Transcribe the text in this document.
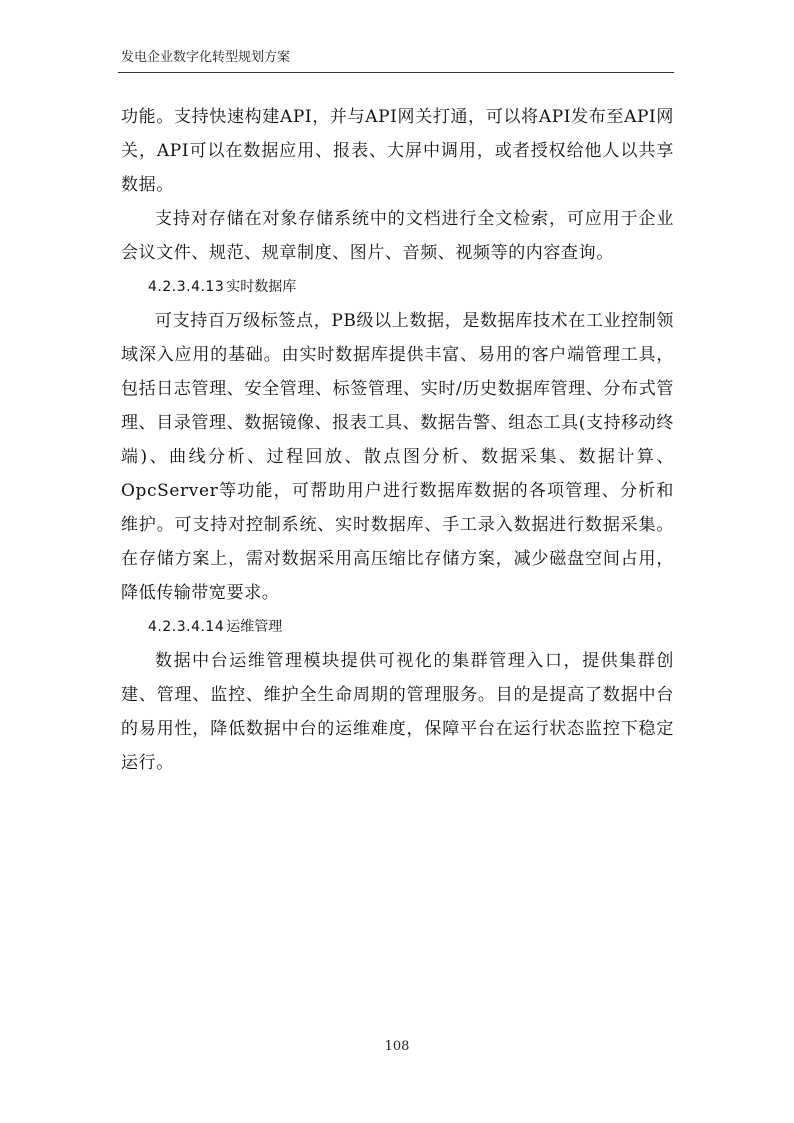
发电企业数字化转型规划方案

功能。支持快速构建API，并与API网关打通，可以将API发布至API网关，API可以在数据应用、报表、大屏中调用，或者授权给他人以共享数据。

支持对存储在对象存储系统中的文档进行全文检索，可应用于企业会议文件、规范、规章制度、图片、音频、视频等的内容查询。

4.2.3.4.13 实时数据库

可支持百万级标签点，PB级以上数据，是数据库技术在工业控制领域深入应用的基础。由实时数据库提供丰富、易用的客户端管理工具，包括日志管理、安全管理、标签管理、实时/历史数据库管理、分布式管理、目录管理、数据镜像、报表工具、数据告警、组态工具(支持移动终端)、曲线分析、过程回放、散点图分析、数据采集、数据计算、OpcServer等功能，可帮助用户进行数据库数据的各项管理、分析和维护。可支持对控制系统、实时数据库、手工录入数据进行数据采集。在存储方案上，需对数据采用高压缩比存储方案，减少磁盘空间占用，降低传输带宽要求。

4.2.3.4.14 运维管理

数据中台运维管理模块提供可视化的集群管理入口，提供集群创建、管理、监控、维护全生命周期的管理服务。目的是提高了数据中台的易用性，降低数据中台的运维难度，保障平台在运行状态监控下稳定运行。

108
